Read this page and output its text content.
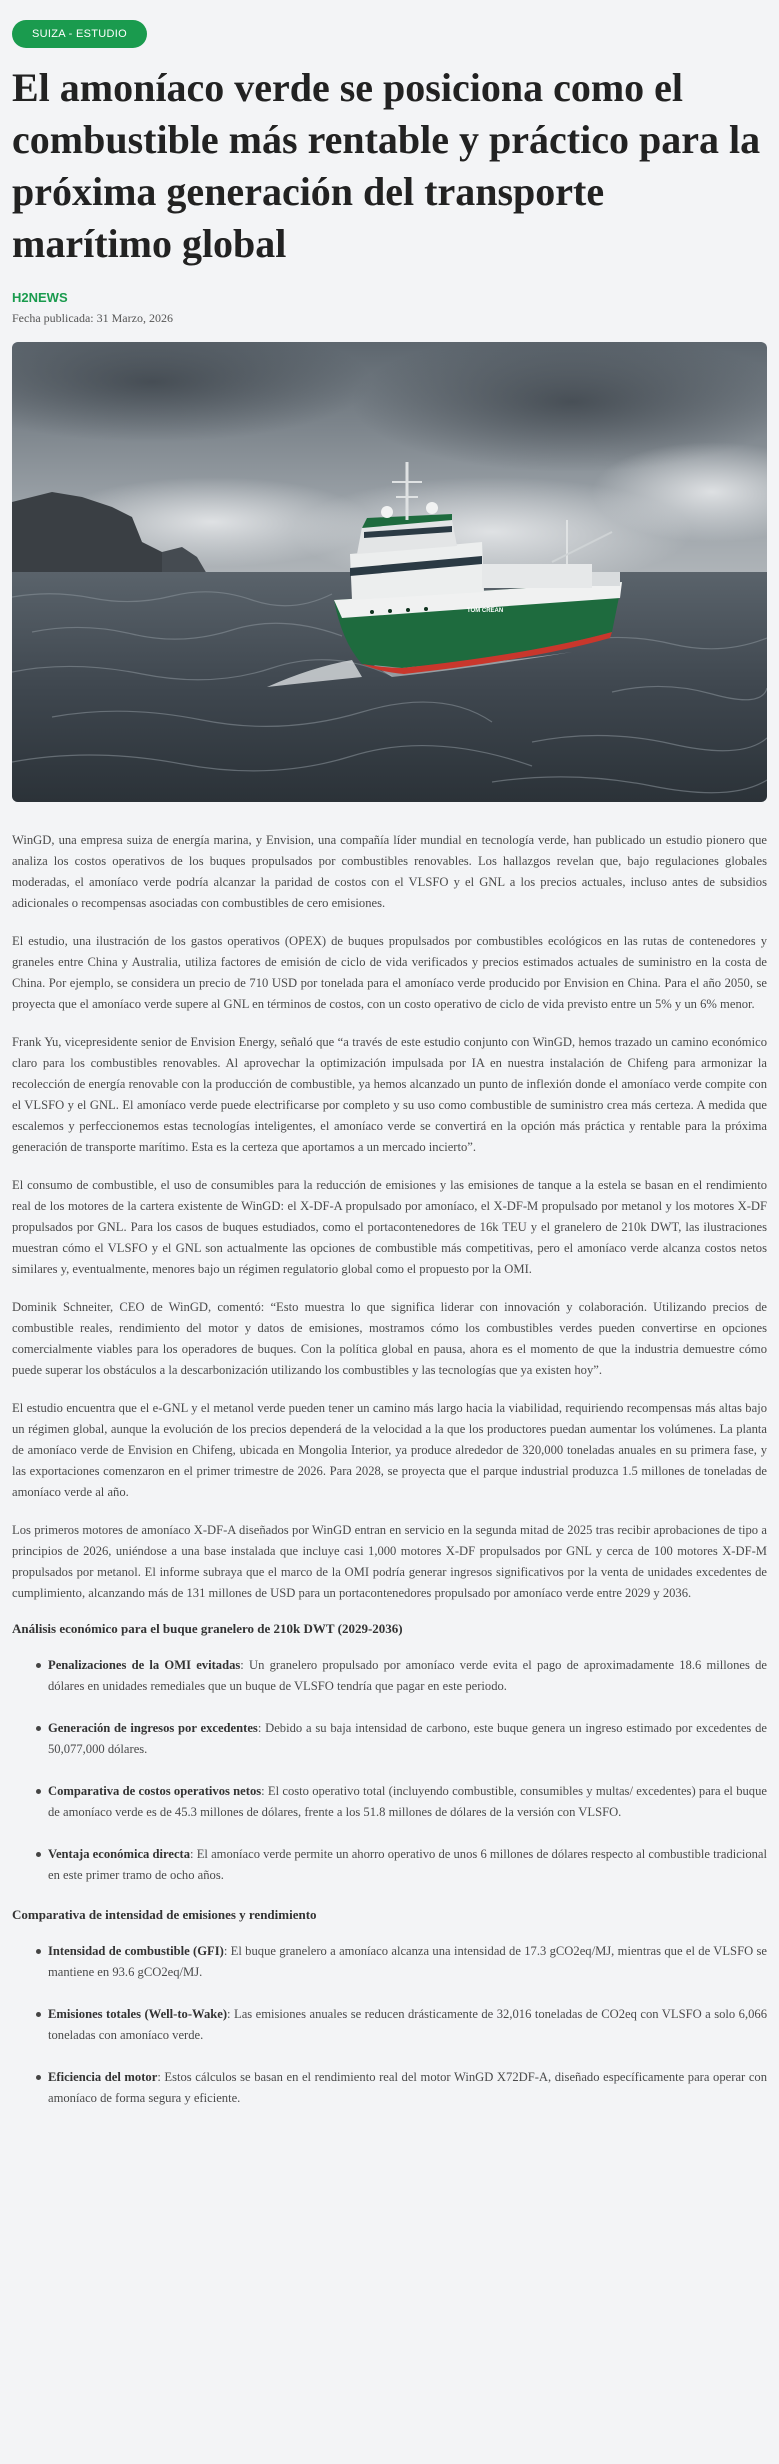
SUIZA - ESTUDIO
El amoníaco verde se posiciona como el combustible más rentable y práctico para la próxima generación del transporte marítimo global
H2NEWS
Fecha publicada: 31 Marzo, 2026
TOM CREAN

WinGD, una empresa suiza de energía marina, y Envision, una compañía líder mundial en tecnología verde, han publicado un estudio pionero que analiza los costos operativos de los buques propulsados por combustibles renovables. Los hallazgos revelan que, bajo regulaciones globales moderadas, el amoníaco verde podría alcanzar la paridad de costos con el VLSFO y el GNL a los precios actuales, incluso antes de subsidios adicionales o recompensas asociadas con combustibles de cero emisiones.

El estudio, una ilustración de los gastos operativos (OPEX) de buques propulsados por combustibles ecológicos en las rutas de contenedores y graneles entre China y Australia, utiliza factores de emisión de ciclo de vida verificados y precios estimados actuales de suministro en la costa de China. Por ejemplo, se considera un precio de 710 USD por tonelada para el amoníaco verde producido por Envision en China. Para el año 2050, se proyecta que el amoníaco verde supere al GNL en términos de costos, con un costo operativo de ciclo de vida previsto entre un 5% y un 6% menor.

Frank Yu, vicepresidente senior de Envision Energy, señaló que “a través de este estudio conjunto con WinGD, hemos trazado un camino económico claro para los combustibles renovables. Al aprovechar la optimización impulsada por IA en nuestra instalación de Chifeng para armonizar la recolección de energía renovable con la producción de combustible, ya hemos alcanzado un punto de inflexión donde el amoníaco verde compite con el VLSFO y el GNL. El amoníaco verde puede electrificarse por completo y su uso como combustible de suministro crea más certeza. A medida que escalemos y perfeccionemos estas tecnologías inteligentes, el amoníaco verde se convertirá en la opción más práctica y rentable para la próxima generación de transporte marítimo. Esta es la certeza que aportamos a un mercado incierto”.

El consumo de combustible, el uso de consumibles para la reducción de emisiones y las emisiones de tanque a la estela se basan en el rendimiento real de los motores de la cartera existente de WinGD: el X-DF-A propulsado por amoníaco, el X-DF-M propulsado por metanol y los motores X-DF propulsados por GNL. Para los casos de buques estudiados, como el portacontenedores de 16k TEU y el granelero de 210k DWT, las ilustraciones muestran cómo el VLSFO y el GNL son actualmente las opciones de combustible más competitivas, pero el amoníaco verde alcanza costos netos similares y, eventualmente, menores bajo un régimen regulatorio global como el propuesto por la OMI.

Dominik Schneiter, CEO de WinGD, comentó: “Esto muestra lo que significa liderar con innovación y colaboración. Utilizando precios de combustible reales, rendimiento del motor y datos de emisiones, mostramos cómo los combustibles verdes pueden convertirse en opciones comercialmente viables para los operadores de buques. Con la política global en pausa, ahora es el momento de que la industria demuestre cómo puede superar los obstáculos a la descarbonización utilizando los combustibles y las tecnologías que ya existen hoy”.

El estudio encuentra que el e-GNL y el metanol verde pueden tener un camino más largo hacia la viabilidad, requiriendo recompensas más altas bajo un régimen global, aunque la evolución de los precios dependerá de la velocidad a la que los productores puedan aumentar los volúmenes. La planta de amoníaco verde de Envision en Chifeng, ubicada en Mongolia Interior, ya produce alrededor de 320,000 toneladas anuales en su primera fase, y las exportaciones comenzaron en el primer trimestre de 2026. Para 2028, se proyecta que el parque industrial produzca 1.5 millones de toneladas de amoníaco verde al año.

Los primeros motores de amoníaco X-DF-A diseñados por WinGD entran en servicio en la segunda mitad de 2025 tras recibir aprobaciones de tipo a principios de 2026, uniéndose a una base instalada que incluye casi 1,000 motores X-DF propulsados por GNL y cerca de 100 motores X-DF-M propulsados por metanol. El informe subraya que el marco de la OMI podría generar ingresos significativos por la venta de unidades excedentes de cumplimiento, alcanzando más de 131 millones de USD para un portacontenedores propulsado por amoníaco verde entre 2029 y 2036.

Análisis económico para el buque granelero de 210k DWT (2029-2036)
Penalizaciones de la OMI evitadas: Un granelero propulsado por amoníaco verde evita el pago de aproximadamente 18.6 millones de dólares en unidades remediales que un buque de VLSFO tendría que pagar en este periodo.
Generación de ingresos por excedentes: Debido a su baja intensidad de carbono, este buque genera un ingreso estimado por excedentes de 50,077,000 dólares.
Comparativa de costos operativos netos: El costo operativo total (incluyendo combustible, consumibles y multas/ excedentes) para el buque de amoníaco verde es de 45.3 millones de dólares, frente a los 51.8 millones de dólares de la versión con VLSFO.
Ventaja económica directa: El amoníaco verde permite un ahorro operativo de unos 6 millones de dólares respecto al combustible tradicional en este primer tramo de ocho años.
Comparativa de intensidad de emisiones y rendimiento
Intensidad de combustible (GFI): El buque granelero a amoníaco alcanza una intensidad de 17.3 gCO2eq/MJ, mientras que el de VLSFO se mantiene en 93.6 gCO2eq/MJ.
Emisiones totales (Well-to-Wake): Las emisiones anuales se reducen drásticamente de 32,016 toneladas de CO2eq con VLSFO a solo 6,066 toneladas con amoníaco verde.
Eficiencia del motor: Estos cálculos se basan en el rendimiento real del motor WinGD X72DF-A, diseñado específicamente para operar con amoníaco de forma segura y eficiente.
